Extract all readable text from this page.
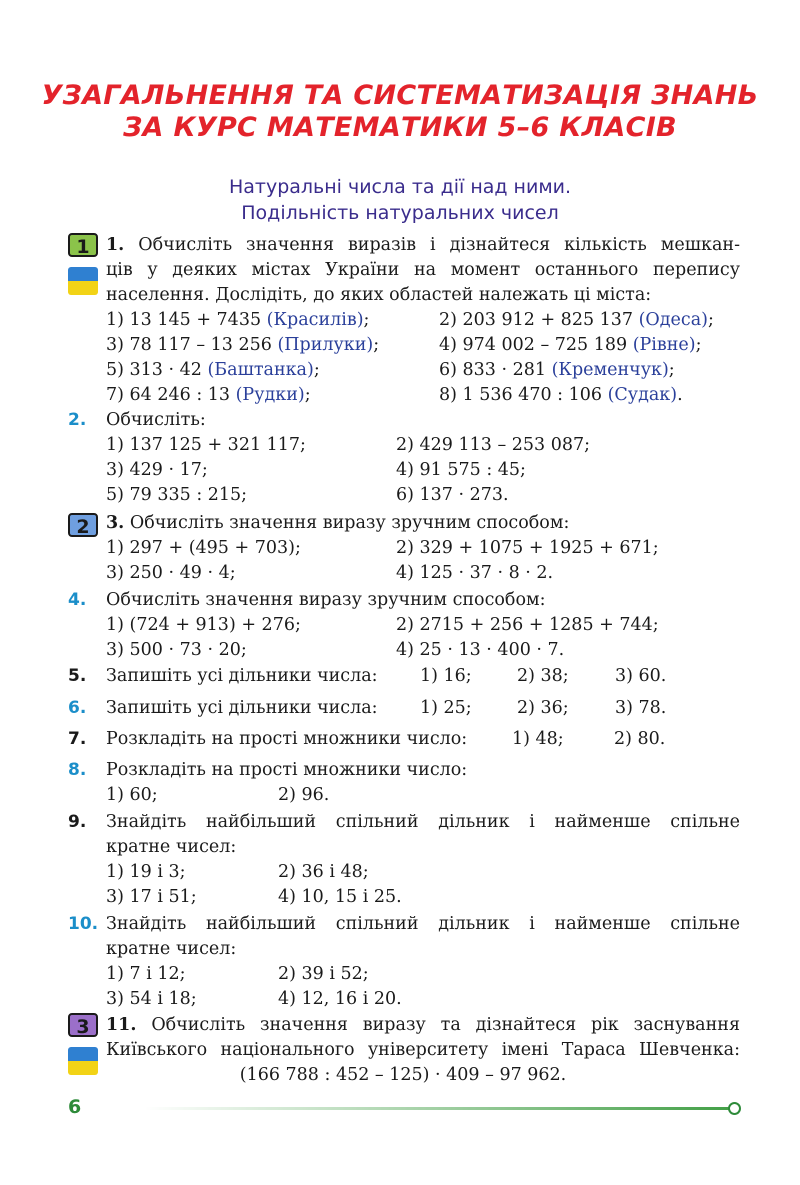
УЗАГАЛЬНЕННЯ ТА СИСТЕМАТИЗАЦІЯ ЗНАНЬ
ЗА КУРС МАТЕМАТИКИ 5–6 КЛАСІВ
Натуральні числа та дії над ними.
Подільність натуральних чисел
1
2
3
1. Обчисліть значення виразів і дізнайтеся кількість мешкан-
ців у деяких містах України на момент останнього перепису
населення. Дослідіть, до яких областей належать ці міста:
1) 13 145 + 7435 (Красилів);	2) 203 912 + 825 137 (Одеса);
3) 78 117 – 13 256 (Прилуки);	4) 974 002 – 725 189 (Рівне);
5) 313 · 42 (Баштанка);	6) 833 · 281 (Кременчук);
7) 64 246 : 13 (Рудки);	8) 1 536 470 : 106 (Судак).
2.	Обчисліть:
1) 137 125 + 321 117;	2) 429 113 – 253 087;
3) 429 · 17;	4) 91 575 : 45;
5) 79 335 : 215;	6) 137 · 273.
3. Обчисліть значення виразу зручним способом:
1) 297 + (495 + 703);	2) 329 + 1075 + 1925 + 671;
3) 250 · 49 · 4;	4) 125 · 37 · 8 · 2.
4.	Обчисліть значення виразу зручним способом:
1) (724 + 913) + 276;	2) 2715 + 256 + 1285 + 744;
3) 500 · 73 · 20;	4) 25 · 13 · 400 · 7.
5.	Запишіть усі дільники числа:	1) 16;	2) 38;	3) 60.
6.	Запишіть усі дільники числа:	1) 25;	2) 36;	3) 78.
7.	Розкладіть на прості множники число:	1) 48;	2) 80.
8.	Розкладіть на прості множники число:
1) 60;	2) 96.
9.	Знайдіть найбільший спільний дільник і найменше спільне
кратне чисел:
1) 19 і 3;	2) 36 і 48;
3) 17 і 51;	4) 10, 15 і 25.
10. Знайдіть найбільший спільний дільник і найменше спільне
кратне чисел:
1) 7 і 12;	2) 39 і 52;
3) 54 і 18;	4) 12, 16 і 20.
11. Обчисліть значення виразу та дізнайтеся рік заснування
Київського національного університету імені Тараса Шевченка:
(166 788 : 452 – 125) · 409 – 97 962.
6
